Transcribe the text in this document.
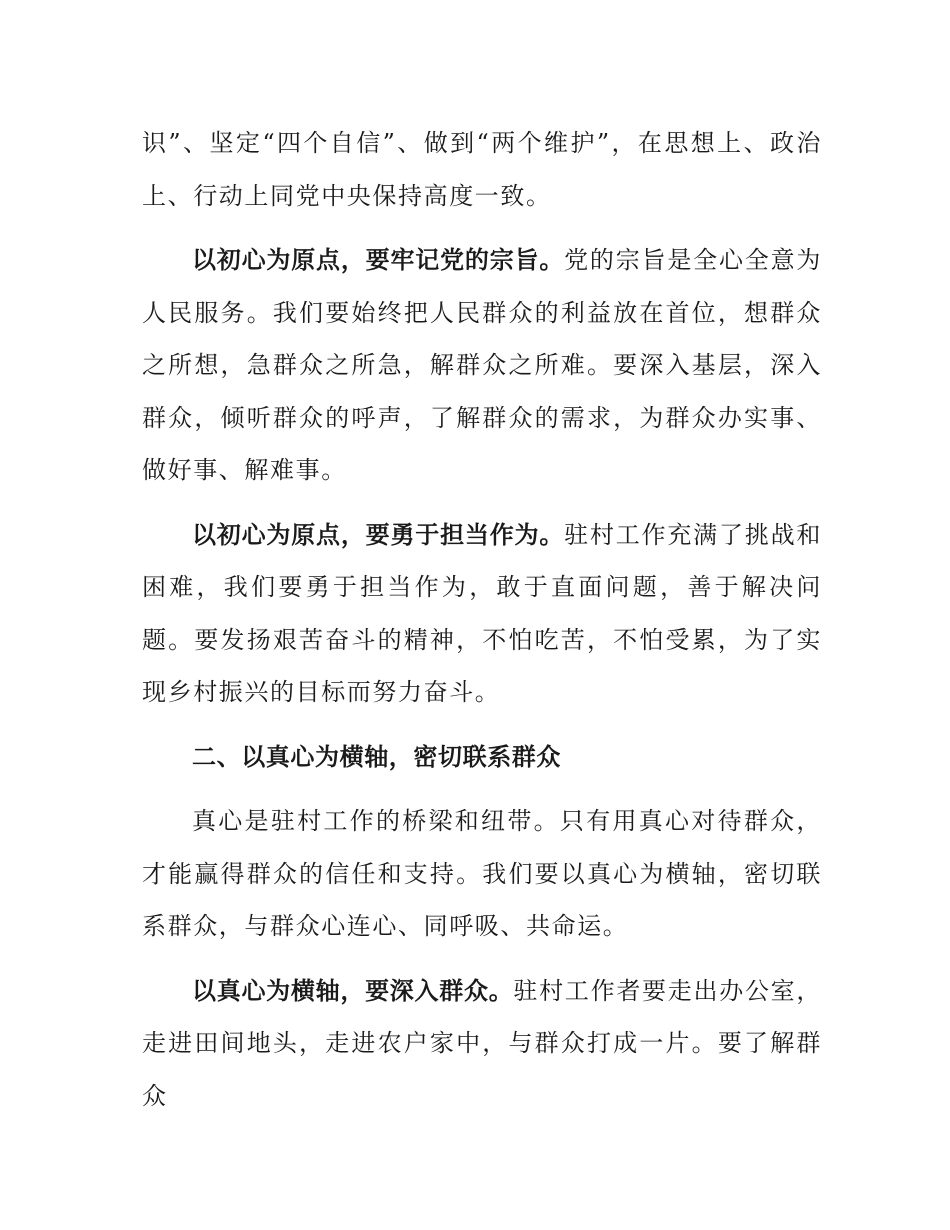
识”、坚定“四个自信”、做到“两个维护”，在思想上、政治上、行动上同党中央保持高度一致。

以初心为原点，要牢记党的宗旨。党的宗旨是全心全意为人民服务。我们要始终把人民群众的利益放在首位，想群众之所想，急群众之所急，解群众之所难。要深入基层，深入群众，倾听群众的呼声，了解群众的需求，为群众办实事、做好事、解难事。

以初心为原点，要勇于担当作为。驻村工作充满了挑战和困难，我们要勇于担当作为，敢于直面问题，善于解决问题。要发扬艰苦奋斗的精神，不怕吃苦，不怕受累，为了实现乡村振兴的目标而努力奋斗。

二、以真心为横轴，密切联系群众

真心是驻村工作的桥梁和纽带。只有用真心对待群众，才能赢得群众的信任和支持。我们要以真心为横轴，密切联系群众，与群众心连心、同呼吸、共命运。

以真心为横轴，要深入群众。驻村工作者要走出办公室，走进田间地头，走进农户家中，与群众打成一片。要了解群众
